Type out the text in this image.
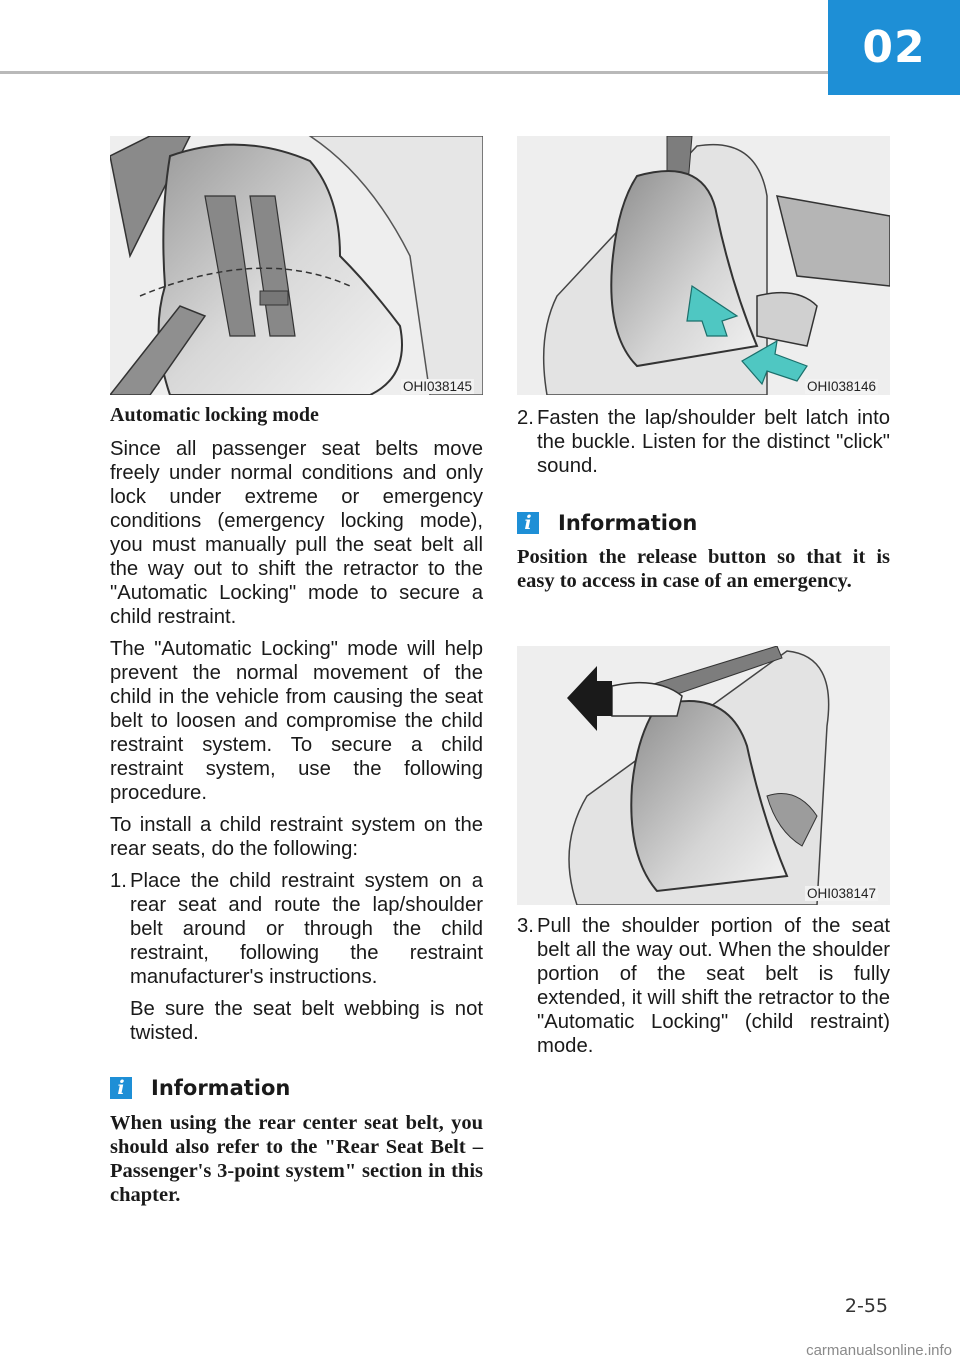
02
OHI038145	OHI038146
OHI038147
Automatic locking mode
Since all passenger seat belts move freely under normal conditions and only lock under extreme or emergency conditions (emergency locking mode), you must manually pull the seat belt all the way out to shift the retractor to the "Automatic Locking" mode to secure a child restraint.
The "Automatic Locking" mode will help prevent the normal movement of the child in the vehicle from causing the seat belt to loosen and compromise the child restraint system. To secure a child restraint system, use the following procedure.
To install a child restraint system on the rear seats, do the following:
1. Place the child restraint system on a rear seat and route the lap/shoulder belt around or through the child restraint, following the restraint manufacturer's instructions.
Be sure the seat belt webbing is not twisted.
i	Information
When using the rear center seat belt, you should also refer to the "Rear Seat Belt – Passenger's 3-point system" section in this chapter.
2. Fasten the lap/shoulder belt latch into the buckle. Listen for the distinct "click" sound.
i	Information
Position the release button so that it is easy to access in case of an emergency.
3. Pull the shoulder portion of the seat belt all the way out. When the shoulder portion of the seat belt is fully extended, it will shift the retractor to the "Automatic Locking" (child restraint) mode.
2-55
carmanualsonline.info
